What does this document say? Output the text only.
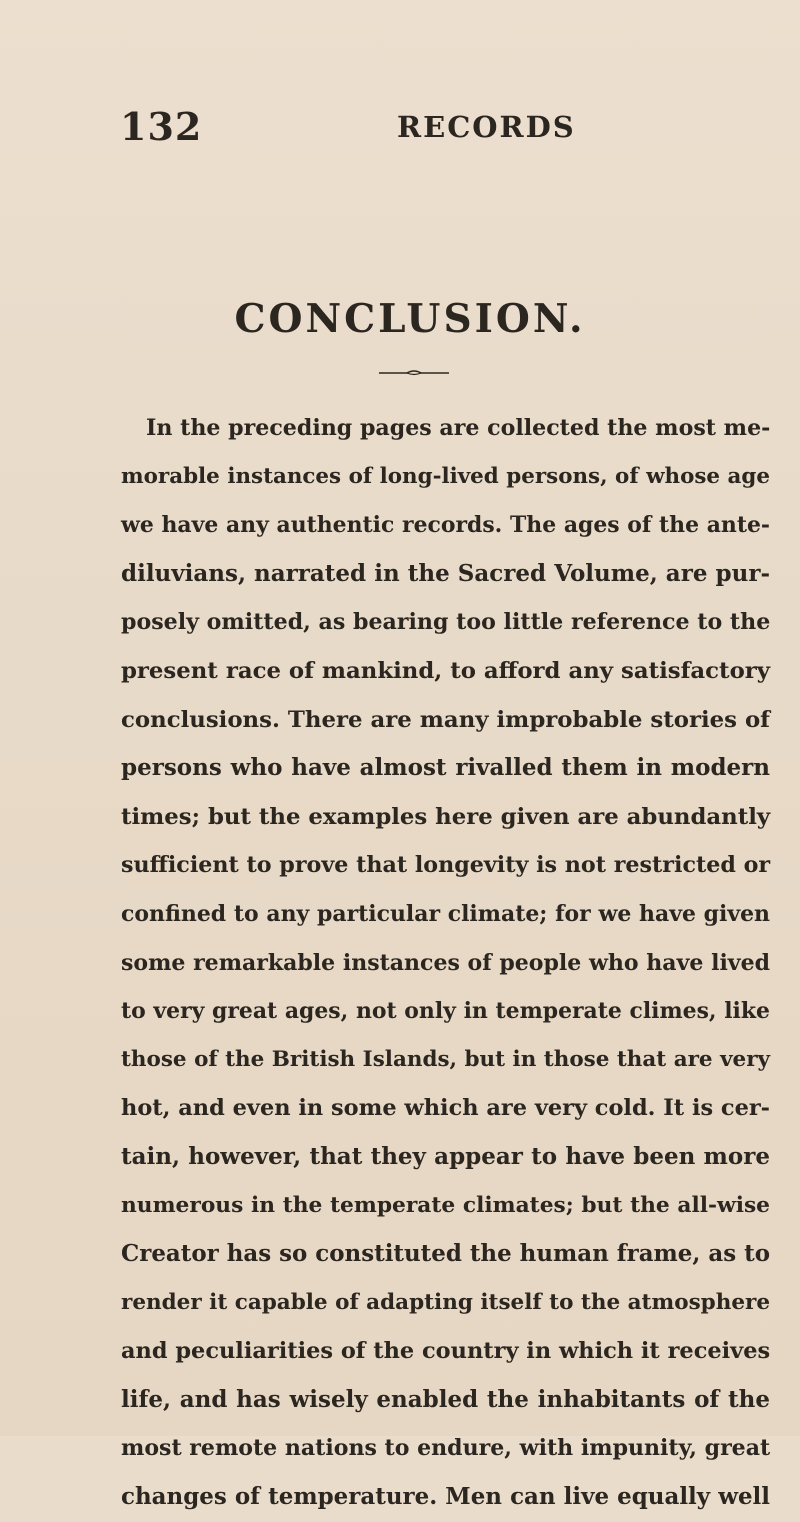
132	RECORDS
CONCLUSION.
In the preceding pages are collected the most me-
morable instances of long-lived persons, of whose age
we have any authentic records. The ages of the ante-
diluvians, narrated in the Sacred Volume, are pur-
posely omitted, as bearing too little reference to the
present race of mankind, to afford any satisfactory
conclusions. There are many improbable stories of
persons who have almost rivalled them in modern
times; but the examples here given are abundantly
sufficient to prove that longevity is not restricted or
confined to any particular climate; for we have given
some remarkable instances of people who have lived
to very great ages, not only in temperate climes, like
those of the British Islands, but in those that are very
hot, and even in some which are very cold. It is cer-
tain, however, that they appear to have been more
numerous in the temperate climates; but the all-wise
Creator has so constituted the human frame, as to
render it capable of adapting itself to the atmosphere
and peculiarities of the country in which it receives
life, and has wisely enabled the inhabitants of the
most remote nations to endure, with impunity, great
changes of temperature. Men can live equally well
